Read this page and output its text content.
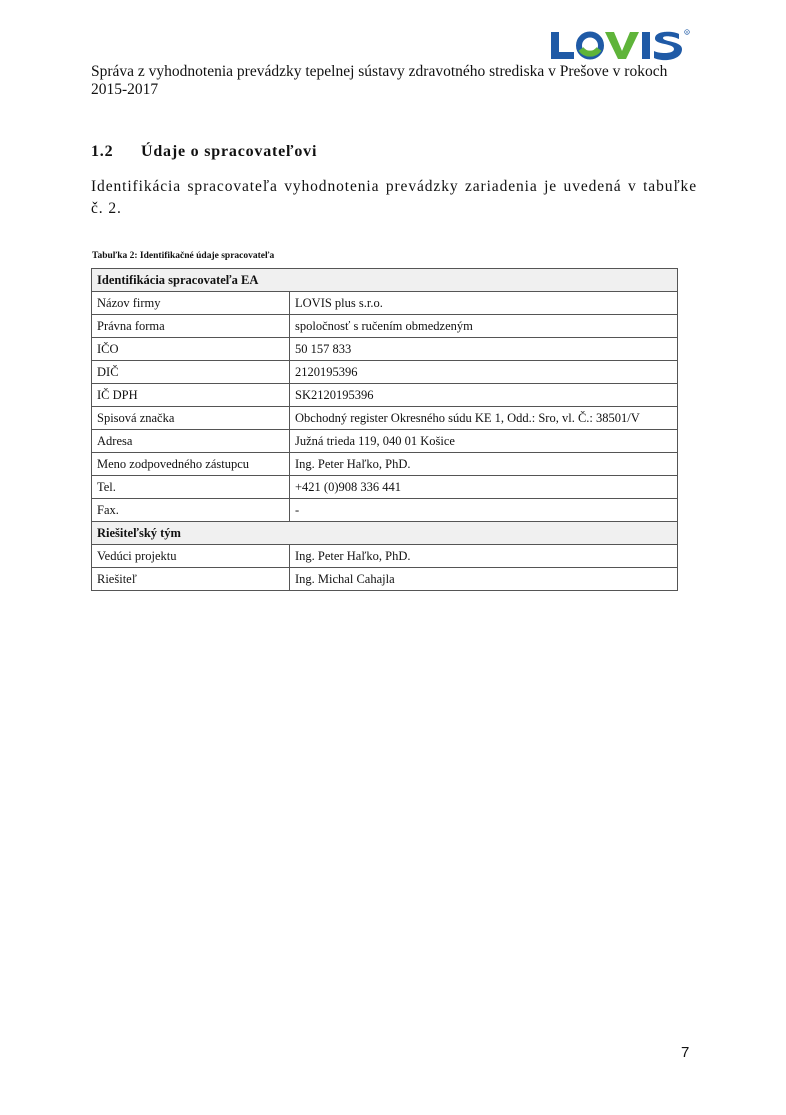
R

Správa z vyhodnotenia prevádzky tepelnej sústavy zdravotného strediska v Prešove v rokoch 2015-2017

1.2 Údaje o spracovateľovi

Identifikácia spracovateľa vyhodnotenia prevádzky zariadenia je uvedená v tabuľke č. 2.

Tabuľka 2: Identifikačné údaje spracovateľa

Identifikácia spracovateľa EA	
Názov firmy	LOVIS plus s.r.o.
Právna forma	spoločnosť s ručením obmedzeným
IČO	50 157 833
DIČ	2120195396
IČ DPH	SK2120195396
Spisová značka	Obchodný register Okresného súdu KE 1, Odd.: Sro, vl. Č.: 38501/V
Adresa	Južná trieda 119, 040 01 Košice
Meno zodpovedného zástupcu	Ing. Peter Haľko, PhD.
Tel.	+421 (0)908 336 441
Fax.	-
Riešiteľský tým	
Vedúci projektu	Ing. Peter Haľko, PhD.
Riešiteľ	Ing. Michal Cahajla

7
